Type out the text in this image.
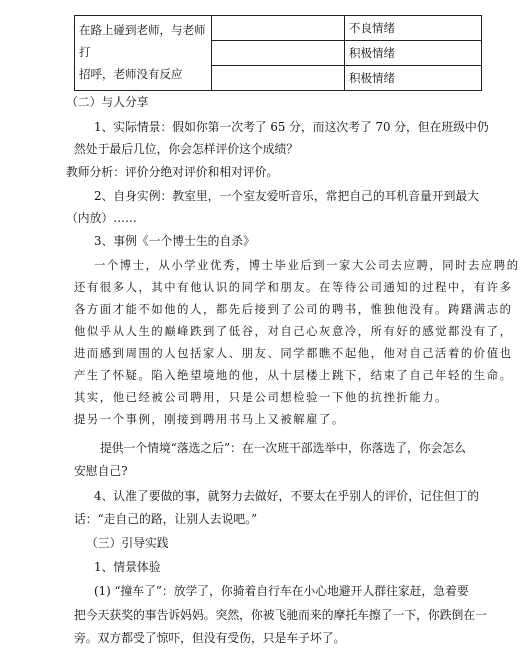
在路上碰到老师，与老师打
招呼，老师没有反应		不良情绪
		积极情绪
		积极情绪
（二）与人分享
1、实际情景：假如你第一次考了 65 分，而这次考了 70 分，但在班级中仍
然处于最后几位，你会怎样评价这个成绩？
教师分析：评价分绝对评价和相对评价。
2、自身实例：教室里，一个室友爱听音乐，常把自己的耳机音量开到最大
（内放）……
3、事例《一个博士生的自杀》
一个博士，从小学业优秀，博士毕业后到一家大公司去应聘，同时去应聘的
还有很多人，其中有他认识的同学和朋友。在等待公司通知的过程中，有许多
各方面才能不如他的人，都先后接到了公司的聘书，惟独他没有。踌躇满志的
他似乎从人生的巅峰跌到了低谷，对自己心灰意冷，所有好的感觉都没有了，
进而感到周围的人包括家人、朋友、同学都瞧不起他，他对自己活着的价值也
产生了怀疑。陷入绝望境地的他，从十层楼上跳下，结束了自己年轻的生命。
其实，他已经被公司聘用，只是公司想检验一下他的抗挫折能力。
提另一个事例，刚接到聘用书马上又被解雇了。
提供一个情境“落选之后”：在一次班干部选举中，你落选了，你会怎么
安慰自己?
4、认准了要做的事，就努力去做好，不要太在乎别人的评价，记住但丁的
话：“走自己的路，让别人去说吧。”
（三）引导实践
1、情景体验
(1) “撞车了”：放学了，你骑着自行车在小心地避开人群往家赶，急着要
把今天获奖的事告诉妈妈。突然，你被飞驰而来的摩托车擦了一下，你跌倒在一
旁。双方都受了惊吓，但没有受伤，只是车子坏了。
